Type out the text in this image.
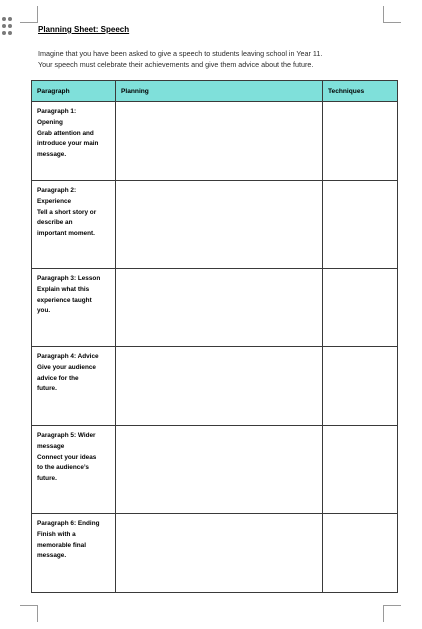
Planning Sheet: Speech
Imagine that you have been asked to give a speech to students leaving school in Year 11.
Your speech must celebrate their achievements and give them advice about the future.
Paragraph	Planning	Techniques

Paragraph 1:
Opening
Grab attention and
introduce your main
message.		

Paragraph 2:
Experience
Tell a short story or
describe an
important moment.		

Paragraph 3: Lesson
Explain what this
experience taught
you.		

Paragraph 4: Advice
Give your audience
advice for the
future.		

Paragraph 5: Wider
message
Connect your ideas
to the audience’s
future.		

Paragraph 6: Ending
Finish with a
memorable final
message.		
